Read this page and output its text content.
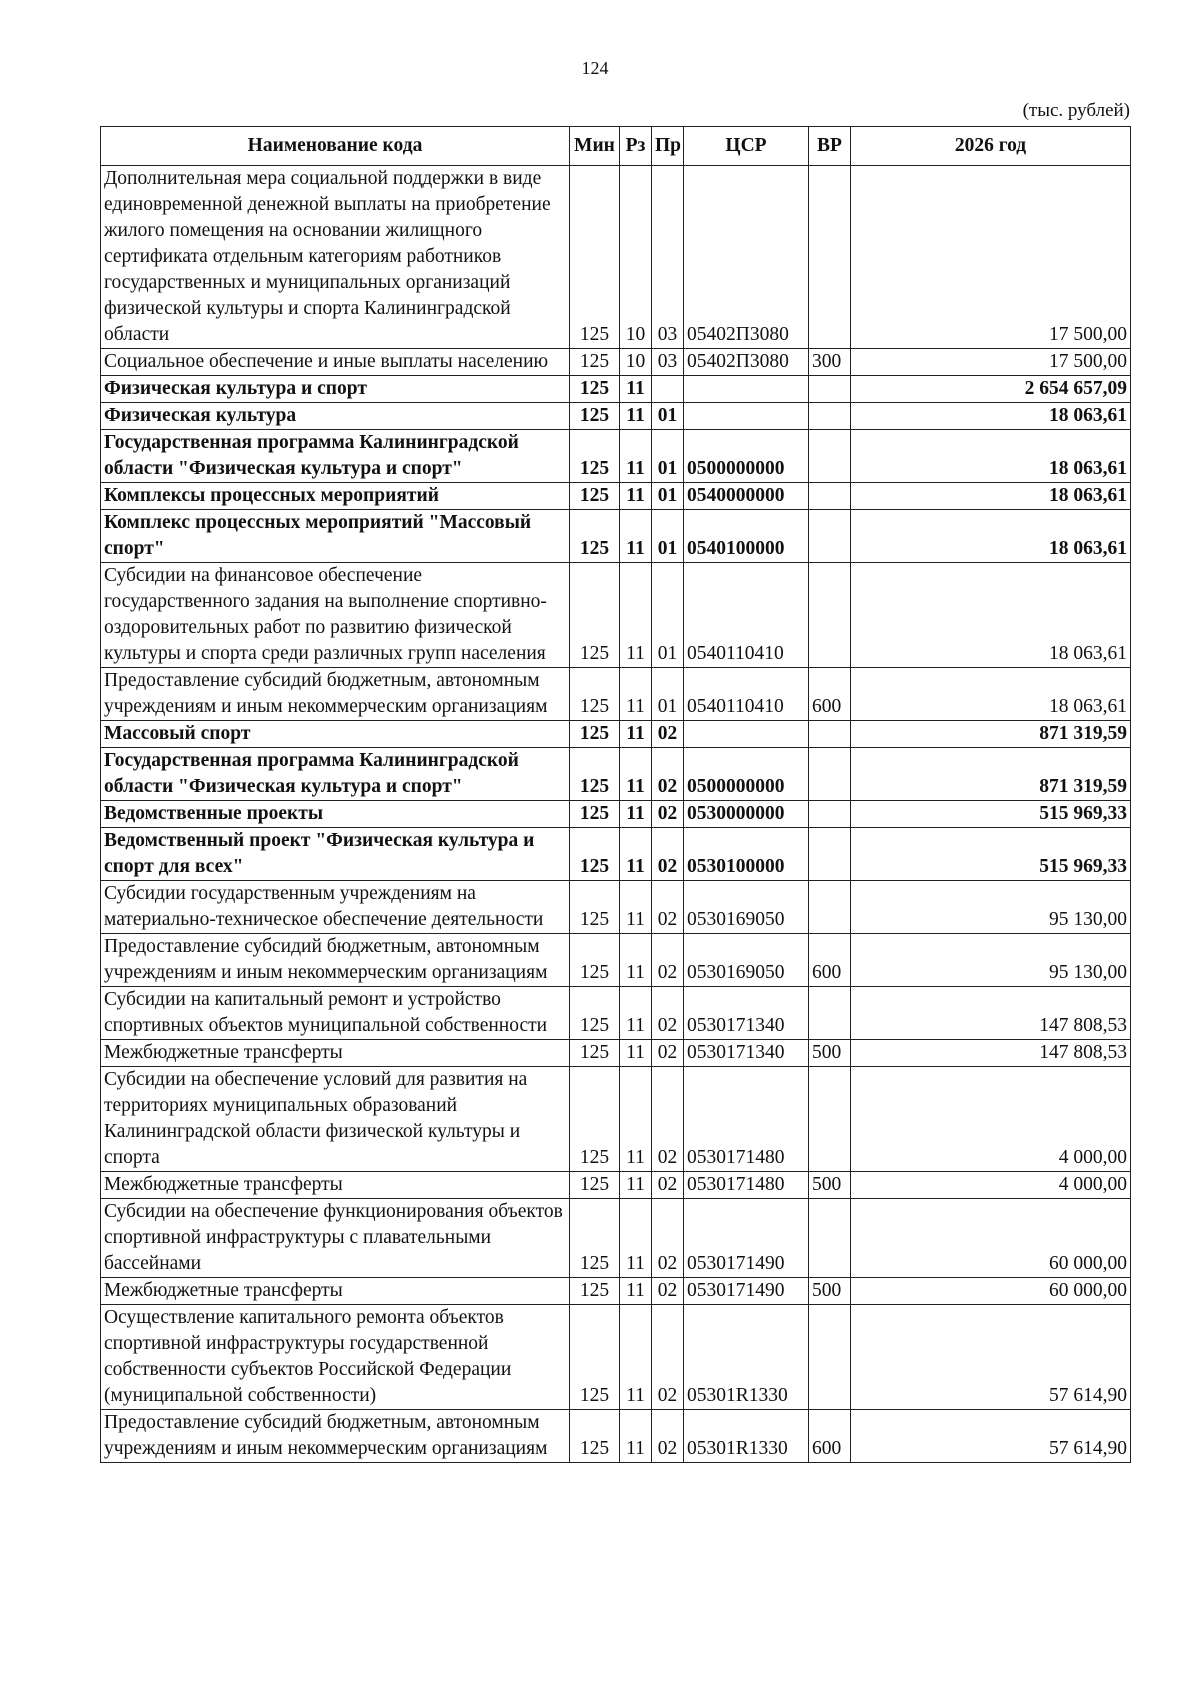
124
(тыс. рублей)
Наименование кода	Мин	Рз	Пр	ЦСР	ВР	2026 год
Дополнительная мера социальной поддержки в виде единовременной денежной выплаты на приобретение жилого помещения на основании жилищного сертификата отдельным категориям работников государственных и муниципальных организаций физической культуры и спорта Калининградской области	125	10	03	05402П3080		17 500,00
Социальное обеспечение и иные выплаты населению	125	10	03	05402П3080	300	17 500,00
Физическая культура и спорт	125	11				2 654 657,09
Физическая культура	125	11	01			18 063,61
Государственная программа Калининградской области "Физическая культура и спорт"	125	11	01	0500000000		18 063,61
Комплексы процессных мероприятий	125	11	01	0540000000		18 063,61
Комплекс процессных мероприятий "Массовый спорт"	125	11	01	0540100000		18 063,61
Субсидии на финансовое обеспечение государственного задания на выполнение спортивно-оздоровительных работ по развитию физической культуры и спорта среди различных групп населения	125	11	01	0540110410		18 063,61
Предоставление субсидий бюджетным, автономным учреждениям и иным некоммерческим организациям	125	11	01	0540110410	600	18 063,61
Массовый спорт	125	11	02			871 319,59
Государственная программа Калининградской области "Физическая культура и спорт"	125	11	02	0500000000		871 319,59
Ведомственные проекты	125	11	02	0530000000		515 969,33
Ведомственный проект "Физическая культура и спорт для всех"	125	11	02	0530100000		515 969,33
Субсидии государственным учреждениям на материально-техническое обеспечение деятельности	125	11	02	0530169050		95 130,00
Предоставление субсидий бюджетным, автономным учреждениям и иным некоммерческим организациям	125	11	02	0530169050	600	95 130,00
Субсидии на капитальный ремонт и устройство спортивных объектов муниципальной собственности	125	11	02	0530171340		147 808,53
Межбюджетные трансферты	125	11	02	0530171340	500	147 808,53
Субсидии на обеспечение условий для развития на территориях муниципальных образований Калининградской области физической культуры и спорта	125	11	02	0530171480		4 000,00
Межбюджетные трансферты	125	11	02	0530171480	500	4 000,00
Субсидии на обеспечение функционирования объектов спортивной инфраструктуры с плавательными бассейнами	125	11	02	0530171490		60 000,00
Межбюджетные трансферты	125	11	02	0530171490	500	60 000,00
Осуществление капитального ремонта объектов спортивной инфраструктуры государственной собственности субъектов Российской Федерации (муниципальной собственности)	125	11	02	05301R1330		57 614,90
Предоставление субсидий бюджетным, автономным учреждениям и иным некоммерческим организациям	125	11	02	05301R1330	600	57 614,90
